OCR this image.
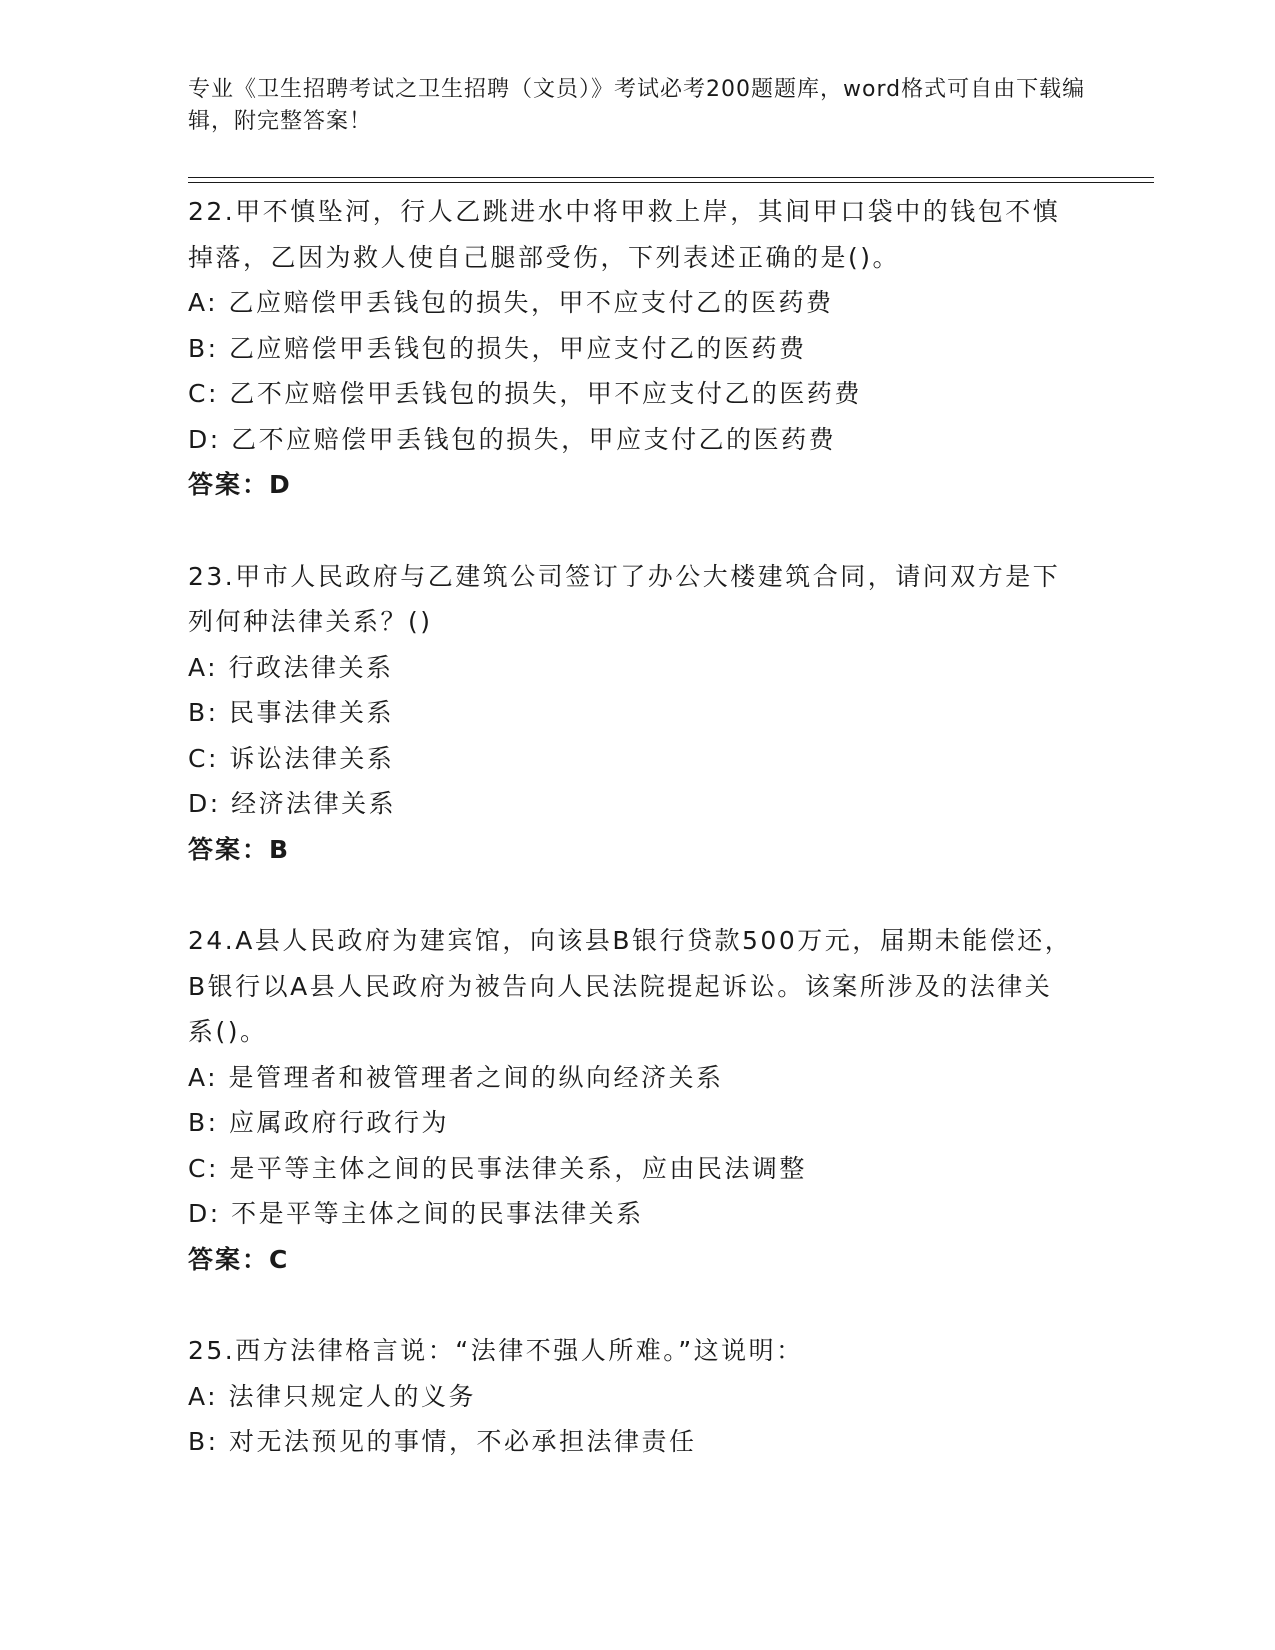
专业《卫生招聘考试之卫生招聘（文员）》考试必考200题题库，word格式可自由下载编辑，附完整答案！
22.甲不慎坠河，行人乙跳进水中将甲救上岸，其间甲口袋中的钱包不慎掉落，乙因为救人使自己腿部受伤，下列表述正确的是()。
A: 乙应赔偿甲丢钱包的损失，甲不应支付乙的医药费
B: 乙应赔偿甲丢钱包的损失，甲应支付乙的医药费
C: 乙不应赔偿甲丢钱包的损失，甲不应支付乙的医药费
D: 乙不应赔偿甲丢钱包的损失，甲应支付乙的医药费
答案：D
23.甲市人民政府与乙建筑公司签订了办公大楼建筑合同，请问双方是下列何种法律关系？()
A: 行政法律关系
B: 民事法律关系
C: 诉讼法律关系
D: 经济法律关系
答案：B
24.A县人民政府为建宾馆，向该县B银行贷款500万元，届期未能偿还，B银行以A县人民政府为被告向人民法院提起诉讼。该案所涉及的法律关系()。
A: 是管理者和被管理者之间的纵向经济关系
B: 应属政府行政行为
C: 是平等主体之间的民事法律关系，应由民法调整
D: 不是平等主体之间的民事法律关系
答案：C
25.西方法律格言说：“法律不强人所难。”这说明：
A: 法律只规定人的义务
B: 对无法预见的事情，不必承担法律责任
